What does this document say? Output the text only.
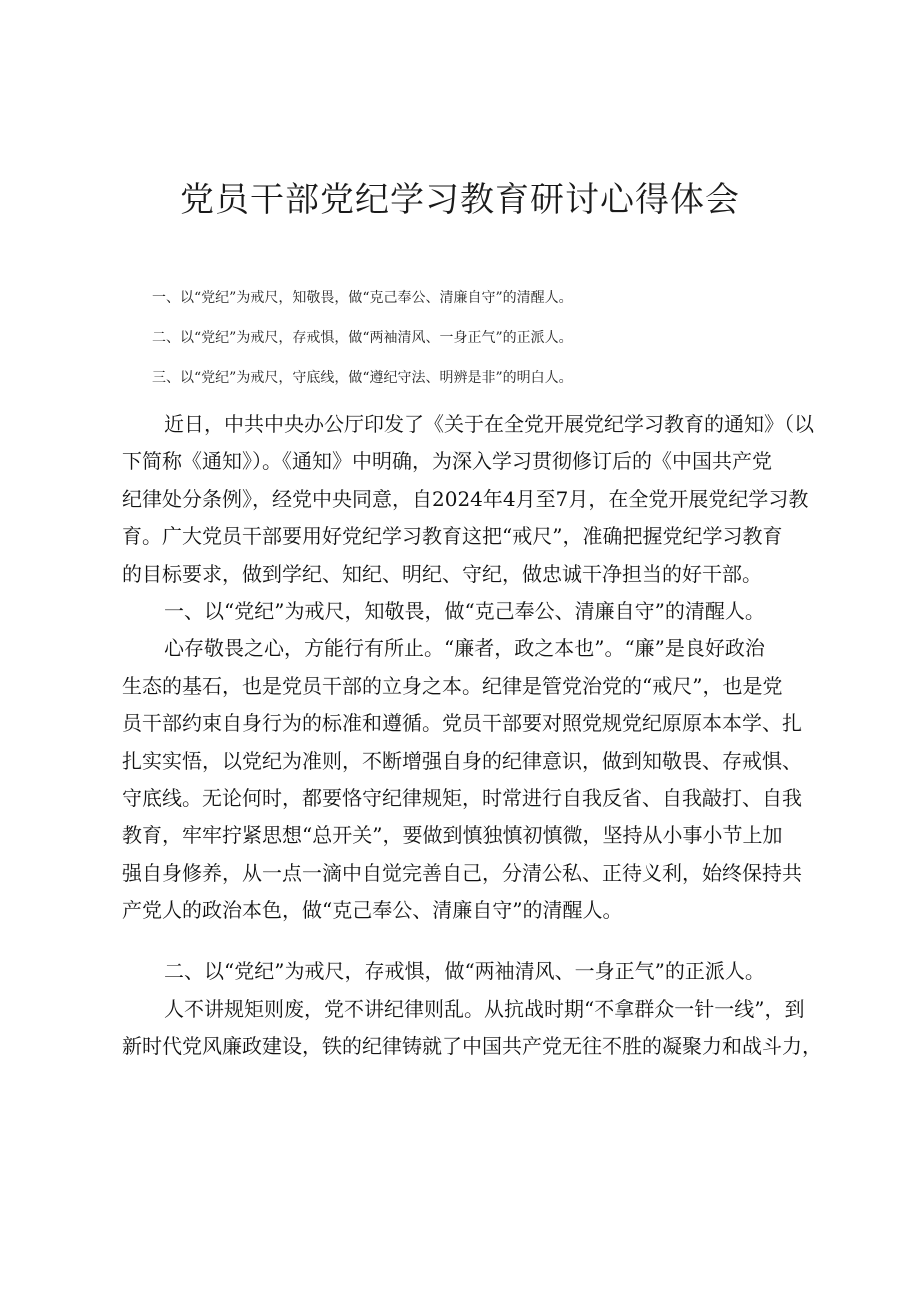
党员干部党纪学习教育研讨心得体会
一、以“党纪”为戒尺，知敬畏，做“克己奉公、清廉自守”的清醒人。
二、以“党纪”为戒尺，存戒惧，做“两袖清风、一身正气”的正派人。
三、以“党纪”为戒尺，守底线，做“遵纪守法、明辨是非”的明白人。
近日，中共中央办公厅印发了《关于在全党开展党纪学习教育的通知》（以
下简称《通知》）。《通知》中明确，为深入学习贯彻修订后的《中国共产党
纪律处分条例》，经党中央同意，自2024年4月至7月，在全党开展党纪学习教
育。广大党员干部要用好党纪学习教育这把“戒尺”，准确把握党纪学习教育
的目标要求，做到学纪、知纪、明纪、守纪，做忠诚干净担当的好干部。
一、以“党纪”为戒尺，知敬畏，做“克己奉公、清廉自守”的清醒人。
心存敬畏之心，方能行有所止。“廉者，政之本也”。“廉”是良好政治
生态的基石，也是党员干部的立身之本。纪律是管党治党的“戒尺”，也是党
员干部约束自身行为的标准和遵循。党员干部要对照党规党纪原原本本学、扎
扎实实悟，以党纪为准则，不断增强自身的纪律意识，做到知敬畏、存戒惧、
守底线。无论何时，都要恪守纪律规矩，时常进行自我反省、自我敲打、自我
教育，牢牢拧紧思想“总开关”，要做到慎独慎初慎微，坚持从小事小节上加
强自身修养，从一点一滴中自觉完善自己，分清公私、正待义利，始终保持共
产党人的政治本色，做“克己奉公、清廉自守”的清醒人。
二、以“党纪”为戒尺，存戒惧，做“两袖清风、一身正气”的正派人。
人不讲规矩则废，党不讲纪律则乱。从抗战时期“不拿群众一针一线”，到
新时代党风廉政建设，铁的纪律铸就了中国共产党无往不胜的凝聚力和战斗力，
